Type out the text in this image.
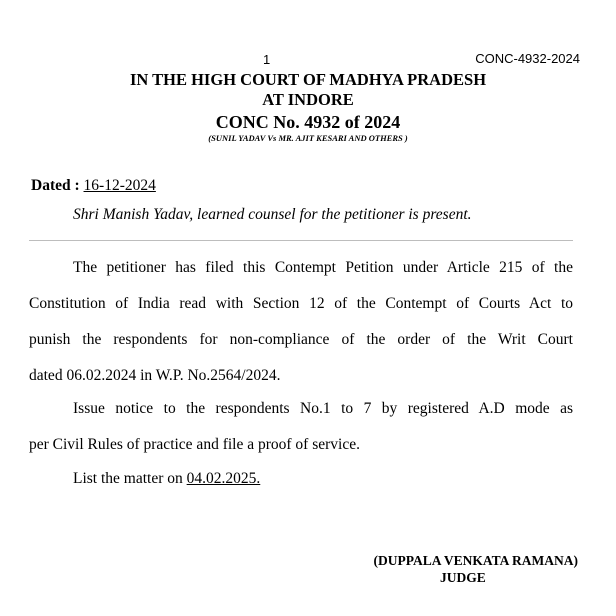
1	CONC-4932-2024
IN THE HIGH COURT OF MADHYA PRADESH
AT INDORE
CONC No. 4932 of 2024
(SUNIL YADAV Vs MR. AJIT KESARI AND OTHERS )
Dated : 16-12-2024
Shri Manish Yadav, learned counsel for the petitioner is present.
The petitioner has filed this Contempt Petition under Article 215 of the
Constitution of India read with Section 12 of the Contempt of Courts Act to
punish the respondents for non-compliance of the order of the Writ Court
dated 06.02.2024 in W.P. No.2564/2024.
Issue notice to the respondents No.1 to 7 by registered A.D mode as
per Civil Rules of practice and file a proof of service.
List the matter on 04.02.2025.
(DUPPALA VENKATA RAMANA)
JUDGE
